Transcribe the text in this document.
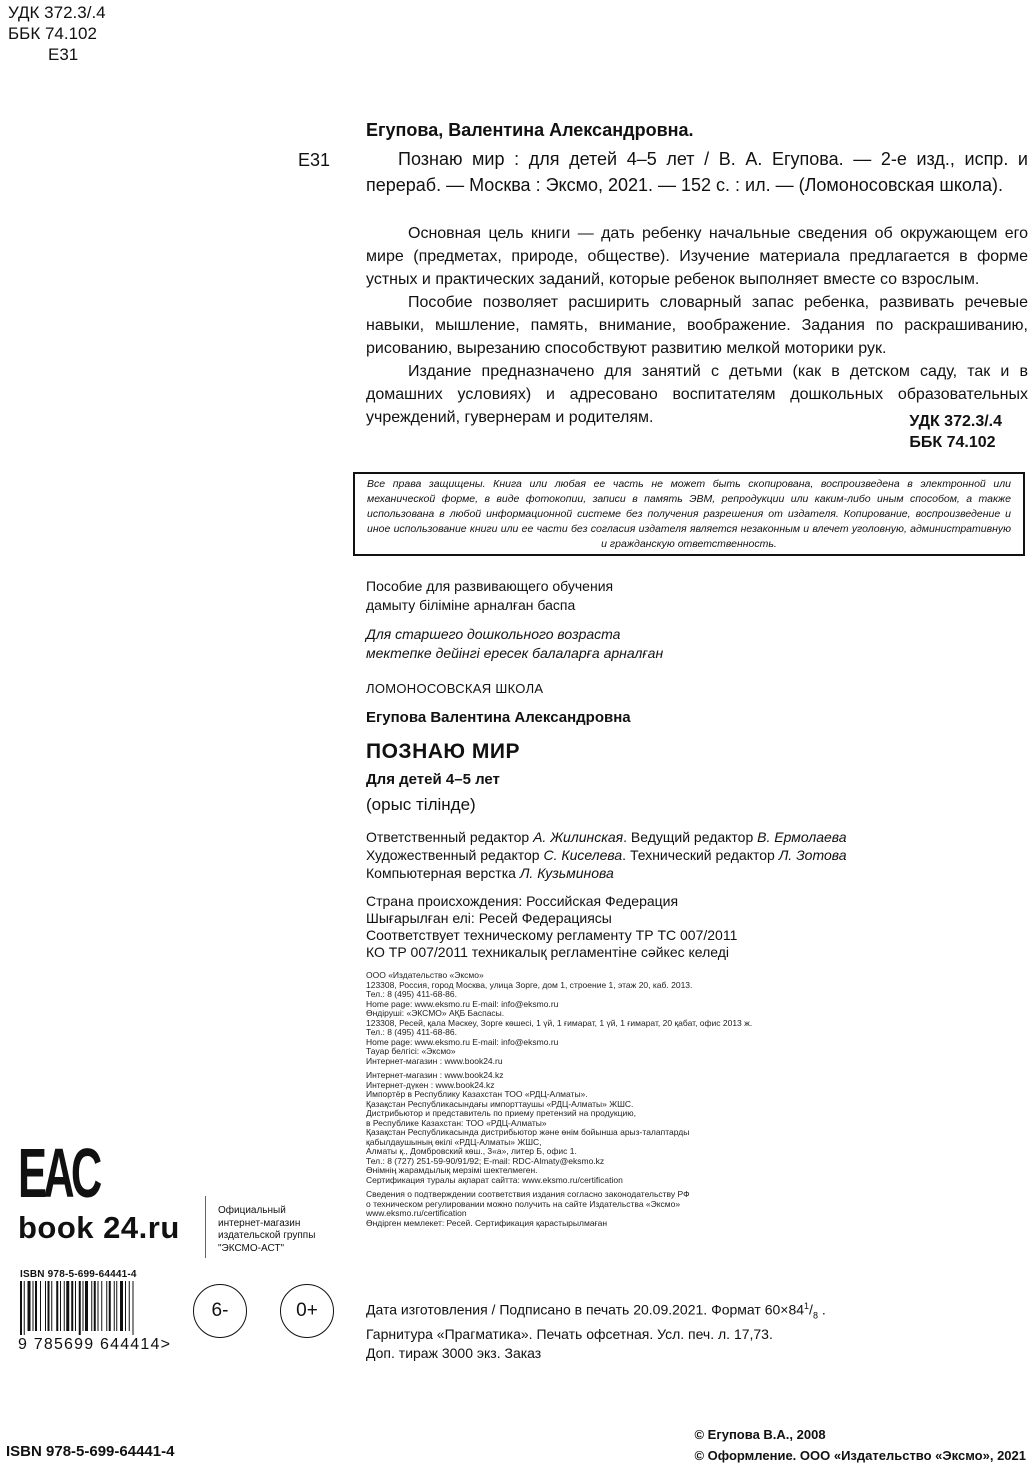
УДК 372.3/.4
ББК 74.102
Е31
Егупова, Валентина Александровна.
Е31	Познаю мир : для детей 4–5 лет / В. А. Егупова. — 2-е изд., испр. и перераб. — Москва : Эксмо, 2021. — 152 с. : ил. — (Ломоносовская школа).

Основная цель книги — дать ребенку начальные сведения об окружающем его мире (предметах, природе, обществе). Изучение материала предлагается в форме устных и практических заданий, которые ребенок выполняет вместе со взрослым.

Пособие позволяет расширить словарный запас ребенка, развивать речевые навыки, мышление, память, внимание, воображение. Задания по раскрашиванию, рисованию, вырезанию способствуют развитию мелкой моторики рук.

Издание предназначено для занятий с детьми (как в детском саду, так и в домашних условиях) и адресовано воспитателям дошкольных образовательных учреждений, гувернерам и родителям.	УДК 372.3/.4
ББК 74.102
Все права защищены. Книга или любая ее часть не может быть скопирована, воспроизведена в электронной или механической форме, в виде фотокопии, записи в память ЭВМ, репродукции или каким-либо иным способом, а также использована в любой информационной системе без получения разрешения от издателя. Копирование, воспроизведение и иное использование книги или ее части без согласия издателя является незаконным и влечет уголовную, административную и гражданскую ответственность.
Пособие для развивающего обучения
дамыту біліміне арналған баспа
Для старшего дошкольного возраста
мектепке дейінгі ересек балаларға арналған
ЛОМОНОСОВСКАЯ ШКОЛА
Егупова Валентина Александровна
ПОЗНАЮ МИР
Для детей 4–5 лет
(орыс тілінде)
Ответственный редактор А. Жилинская. Ведущий редактор В. Ермолаева
Художественный редактор С. Киселева. Технический редактор Л. Зотова
Компьютерная верстка Л. Кузьминова
Страна происхождения: Российская Федерация
Шығарылған елі: Ресей Федерациясы
Соответствует техническому регламенту ТР ТС 007/2011
КО ТР 007/2011 техникалық регламентіне сәйкес келеді
ООО «Издательство «Эксмо»
123308, Россия, город Москва, улица Зорге, дом 1, строение 1, этаж 20, каб. 2013.
Тел.: 8 (495) 411-68-86.
Home page: www.eksmo.ru E-mail: info@eksmo.ru
Өндіруші: «ЭКСМО» АҚБ Баспасы.
123308, Ресей, қала Мәскеу, Зорге көшесі, 1 үй, 1 ғимарат, 1 үй, 1 ғимарат, 20 қабат, офис 2013 ж.
Тел.: 8 (495) 411-68-86.
Home page: www.eksmo.ru E-mail: info@eksmo.ru
Тауар белгісі: «Эксмо»
Интернет-магазин : www.book24.ru
Интернет-магазин : www.book24.kz
Интернет-дүкен : www.book24.kz
Импортёр в Республику Казахстан ТОО «РДЦ-Алматы».
Қазақстан Республикасындағы импорттаушы «РДЦ-Алматы» ЖШС.
Дистрибьютор и представитель по приему претензий на продукцию,
в Республике Казахстан: ТОО «РДЦ-Алматы»
Қазақстан Республикасында дистрибьютор және өнім бойынша арыз-талаптарды
қабылдаушының өкілі «РДЦ-Алматы» ЖШС,
Алматы қ., Домбровский көш., 3«а», литер Б, офис 1.
Тел.: 8 (727) 251-59-90/91/92; E-mail: RDC-Almaty@eksmo.kz
Өнімнің жарамдылық мерзімі шектелмеген.
Сертификация туралы ақпарат сайтта: www.eksmo.ru/certification
Сведения о подтверждении соответствия издания согласно законодательству РФ
о техническом регулировании можно получить на сайте Издательства «Эксмо»
www.eksmo.ru/certification
Өндірген мемлекет: Ресей. Сертификация қарастырылмаған
Дата изготовления / Подписано в печать 20.09.2021. Формат $60\times 84^1/_8$ .
Гарнитура «Прагматика». Печать офсетная. Усл. печ. л. 17,73.
Доп. тираж 3000 экз. Заказ
© Егупова В.А., 2008
© Оформление. ООО «Издательство «Эксмо», 2021
ISBN 978-5-699-64441-4
EAC
book 24.ru	Официальный
интернет-магазин
издательской группы
"ЭКСМО-АСТ"
ISBN 978-5-699-64441-4
9 785699 644414>
6-	0+
